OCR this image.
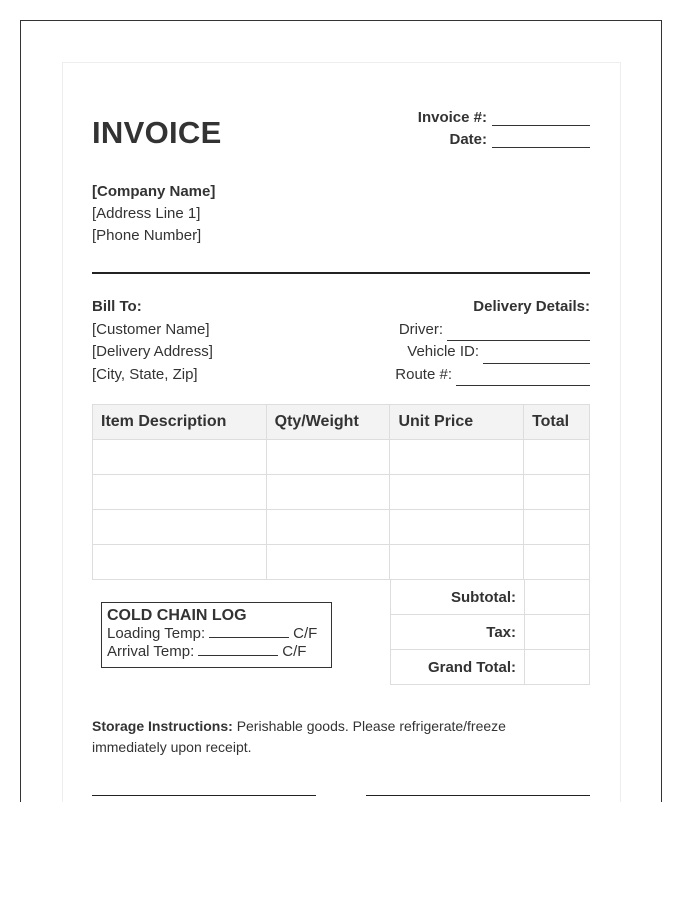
INVOICE	Invoice #:
Date:
[Company Name]
[Address Line 1]
[Phone Number]
Bill To:
[Customer Name]
[Delivery Address]
[City, State, Zip]
Delivery Details:
Driver:
Vehicle ID:
Route #:
Item Description	Qty/Weight	Unit Price	Total

Subtotal:	
Tax:	
Grand Total:	
COLD CHAIN LOG
Loading Temp:	C/F
Arrival Temp:	C/F
Storage Instructions: Perishable goods. Please refrigerate/freeze immediately upon receipt.
